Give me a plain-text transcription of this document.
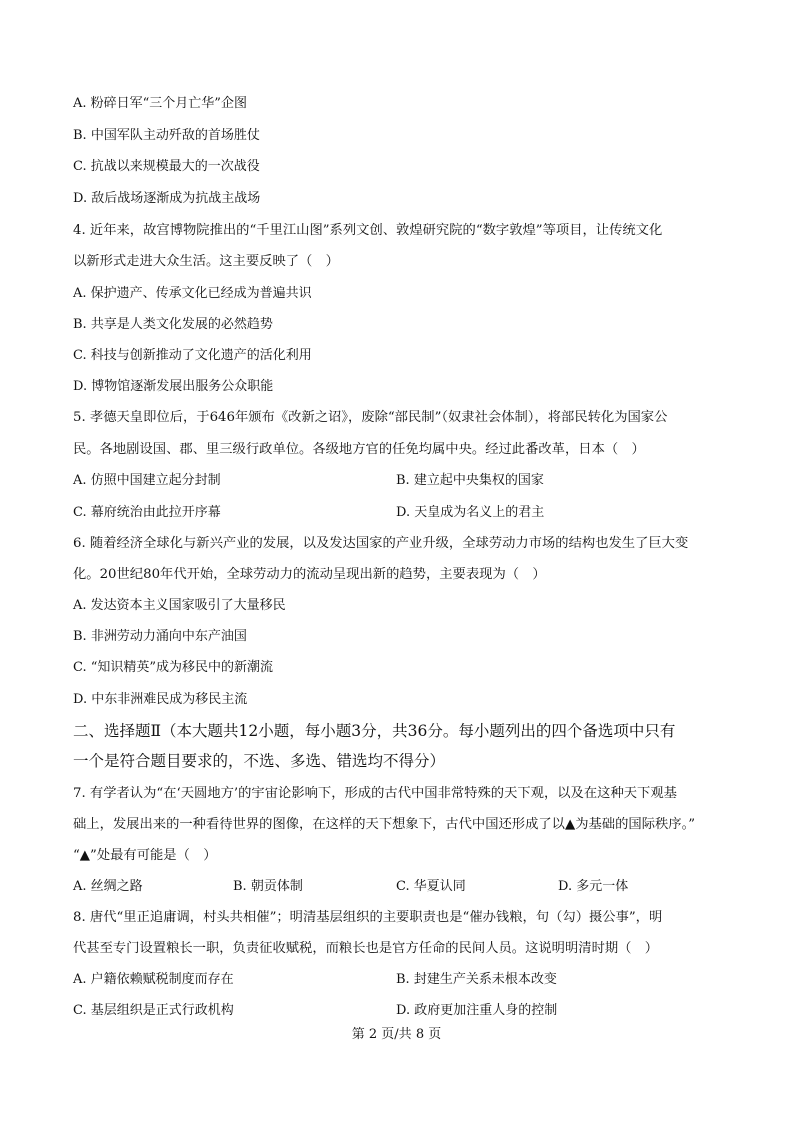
A. 粉碎日军“三个月亡华”企图
B. 中国军队主动歼敌的首场胜仗
C. 抗战以来规模最大的一次战役
D. 敌后战场逐渐成为抗战主战场
4. 近年来，故宫博物院推出的“千里江山图”系列文创、敦煌研究院的“数字敦煌”等项目，让传统文化
以新形式走进大众生活。这主要反映了（　）
A. 保护遗产、传承文化已经成为普遍共识
B. 共享是人类文化发展的必然趋势
C. 科技与创新推动了文化遗产的活化利用
D. 博物馆逐渐发展出服务公众职能
5. 孝德天皇即位后，于646年颁布《改新之诏》，废除“部民制”（奴隶社会体制），将部民转化为国家公
民。各地剧设国、郡、里三级行政单位。各级地方官的任免均属中央。经过此番改革，日本（　）
A. 仿照中国建立起分封制	B. 建立起中央集权的国家
C. 幕府统治由此拉开序幕	D. 天皇成为名义上的君主
6. 随着经济全球化与新兴产业的发展，以及发达国家的产业升级，全球劳动力市场的结构也发生了巨大变
化。20世纪80年代开始，全球劳动力的流动呈现出新的趋势，主要表现为（　）
A. 发达资本主义国家吸引了大量移民
B. 非洲劳动力涌向中东产油国
C. “知识精英”成为移民中的新潮流
D. 中东非洲难民成为移民主流
二、选择题Ⅱ（本大题共12小题，每小题3分，共36分。每小题列出的四个备选项中只有
一个是符合题目要求的，不选、多选、错选均不得分）
7. 有学者认为“在‘天圆地方’的宇宙论影响下，形成的古代中国非常特殊的天下观，以及在这种天下观基
础上，发展出来的一种看待世界的图像，在这样的天下想象下，古代中国还形成了以▲为基础的国际秩序。”
“▲”处最有可能是（　）
A. 丝绸之路	B. 朝贡体制	C. 华夏认同	D. 多元一体
8. 唐代“里正追庸调，村头共相催”；明清基层组织的主要职责也是“催办钱粮，句（勾）摄公事”，明
代甚至专门设置粮长一职，负责征收赋税，而粮长也是官方任命的民间人员。这说明明清时期（　）
A. 户籍依赖赋税制度而存在	B. 封建生产关系未根本改变
C. 基层组织是正式行政机构	D. 政府更加注重人身的控制
第 2 页/共 8 页
